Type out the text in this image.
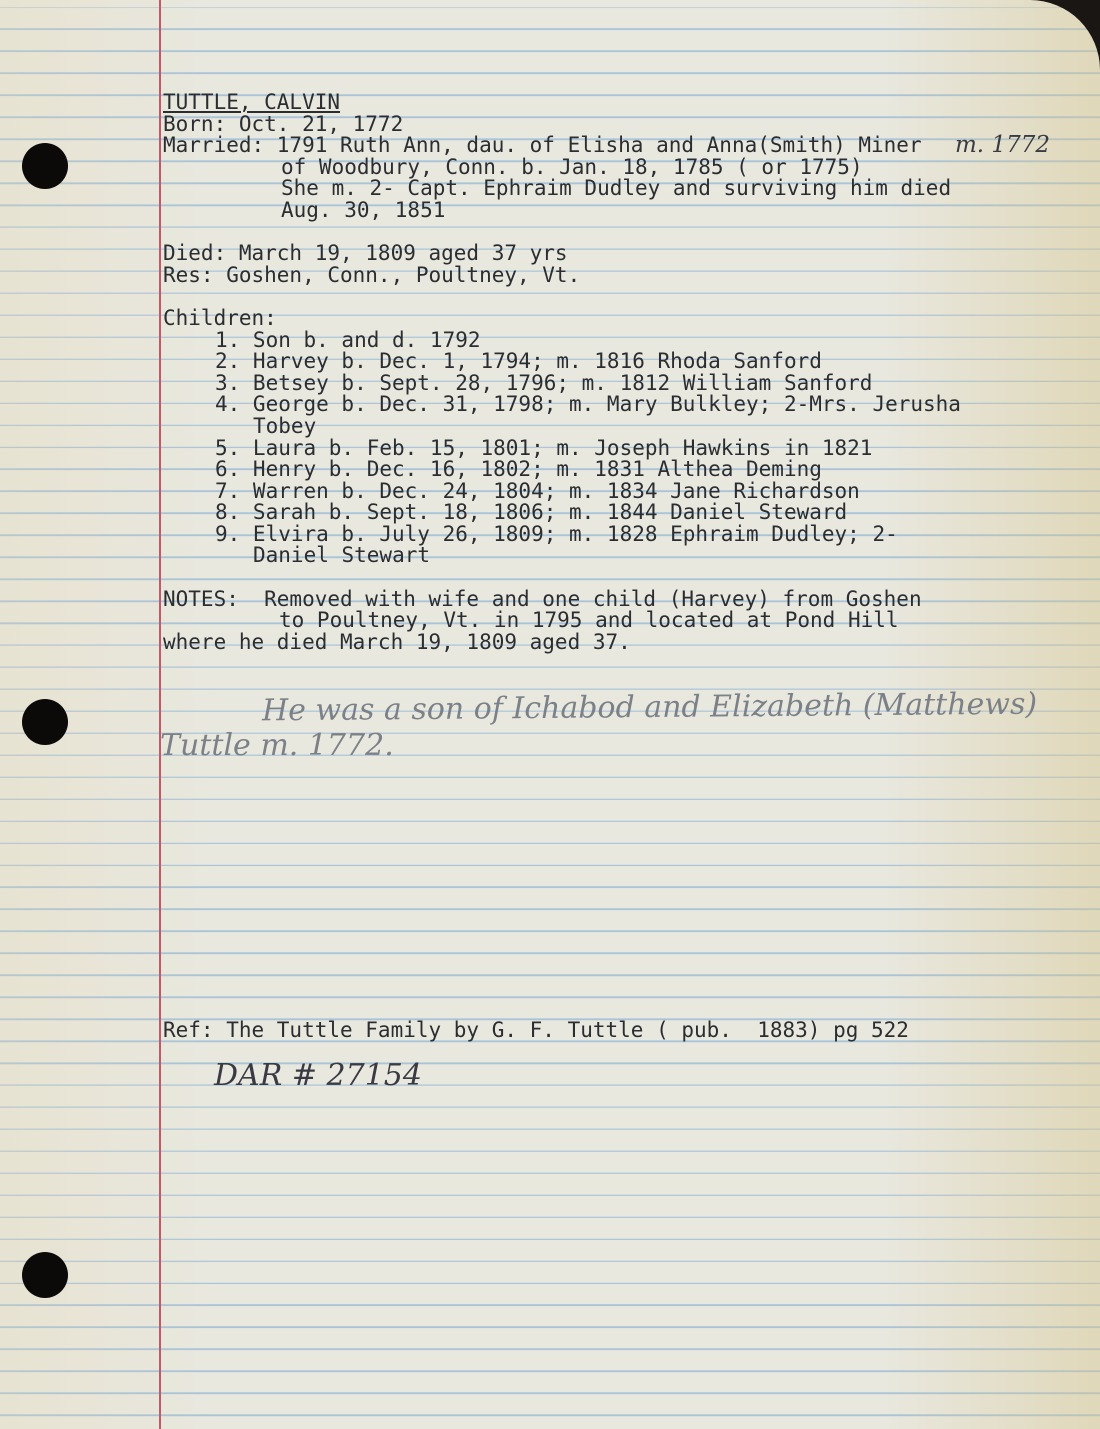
TUTTLE, CALVIN
Born: Oct. 21, 1772
Married: 1791 Ruth Ann, dau. of Elisha and Anna(Smith) Miner
of Woodbury, Conn. b. Jan. 18, 1785 ( or 1775)
She m. 2- Capt. Ephraim Dudley and surviving him died
Aug. 30, 1851
Died: March 19, 1809 aged 37 yrs
Res: Goshen, Conn., Poultney, Vt.
Children:
1. Son b. and d. 1792
2. Harvey b. Dec. 1, 1794; m. 1816 Rhoda Sanford
3. Betsey b. Sept. 28, 1796; m. 1812 William Sanford
4. George b. Dec. 31, 1798; m. Mary Bulkley; 2-Mrs. Jerusha
Tobey
5. Laura b. Feb. 15, 1801; m. Joseph Hawkins in 1821
6. Henry b. Dec. 16, 1802; m. 1831 Althea Deming
7. Warren b. Dec. 24, 1804; m. 1834 Jane Richardson
8. Sarah b. Sept. 18, 1806; m. 1844 Daniel Steward
9. Elvira b. July 26, 1809; m. 1828 Ephraim Dudley; 2-
Daniel Stewart
NOTES:  Removed with wife and one child (Harvey) from Goshen
to Poultney, Vt. in 1795 and located at Pond Hill
where he died March 19, 1809 aged 37.
m. 1772
He was a son of Ichabod and Elizabeth (Matthews)
Tuttle m. 1772.
Ref: The Tuttle Family by G. F. Tuttle ( pub.  1883) pg 522
DAR # 27154
